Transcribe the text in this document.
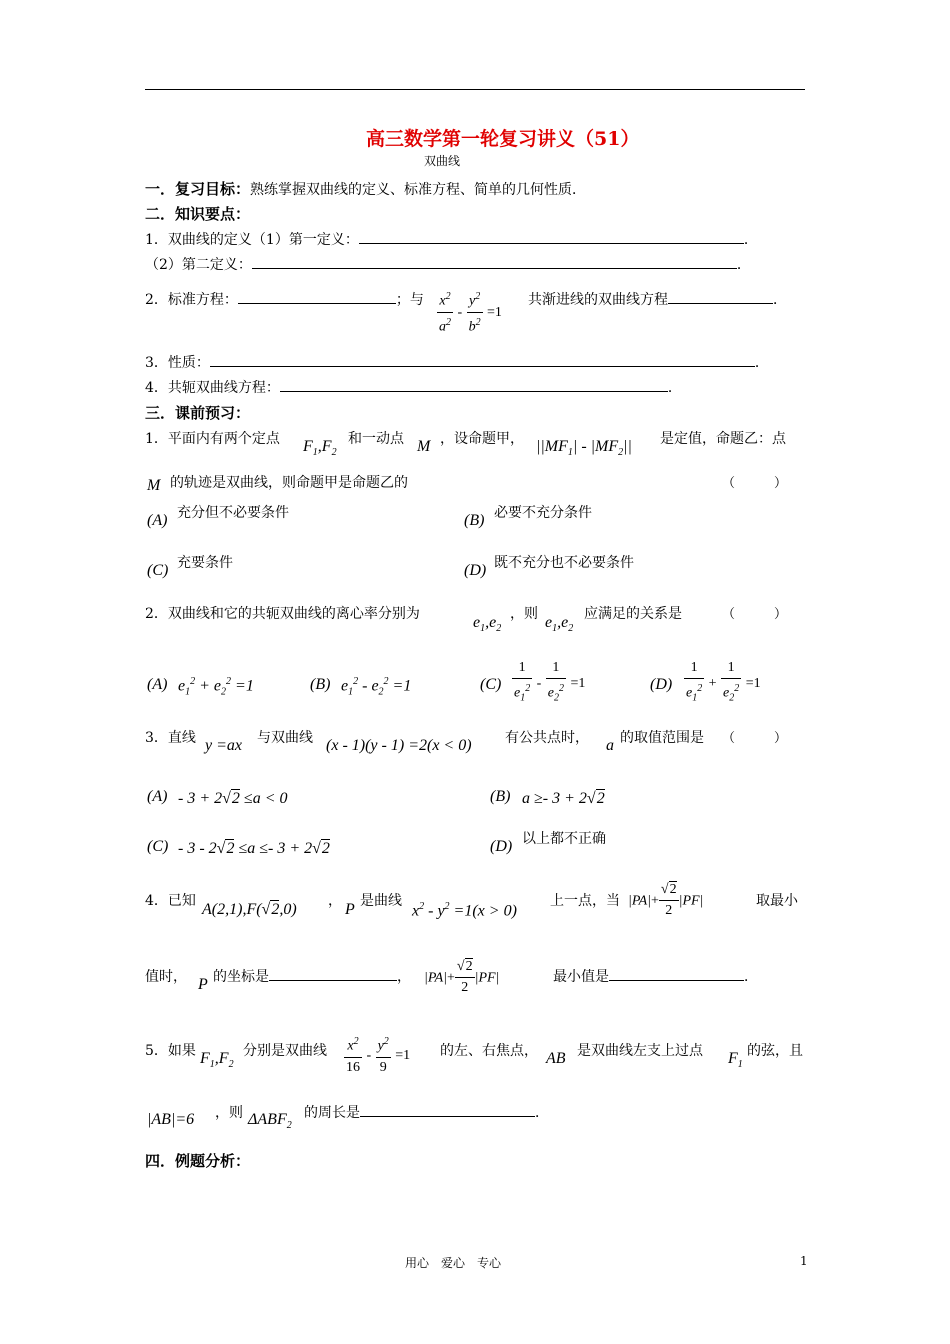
高三数学第一轮复习讲义（51）
双曲线
一．复习目标：熟练掌握双曲线的定义、标准方程、简单的几何性质．
二．知识要点：
1．双曲线的定义（1）第一定义：	．
（2）第二定义：	．
2．标准方程：	；与 $\frac{x^2}{a^2} - \frac{y^2}{b^2} =1$
共渐进线的双曲线方程	．
3．性质：	．
4．共轭双曲线方程：	．
三．课前预习：
1．平面内有两个定点 $F_1,F_2$
和一动点 M ，设命题甲， $||MF_1| - |MF_2||$ 是定值，命题乙：点
M 的轨迹是双曲线，则命题甲是命题乙的	（　　　）
(A) 充分但不必要条件	(B) 必要不充分条件
(C) 充要条件	(D) 既不充分也不必要条件
2．双曲线和它的共轭双曲线的离心率分别为	$e_1,e_2$
，则 $e_1,e_2$
应满足的关系是	（　　　）
(A) $e_1^2 + e_2^2 =1$	(B) $e_1^2 - e_2^2 =1$	$(C) \frac{1}{e_1^2} - \frac{1}{e_2^2} =1$	$(D) \frac{1}{e_1^2} + \frac{1}{e_2^2} =1$
3．直线 y =ax 与双曲线 (x - 1)(y - 1) =2(x < 0) 有公共点时， a 的取值范围是 （　　　）
(A) - 3 + 2√2 ≤a < 0	(B) a ≥- 3 + 2√2
(C) - 3 - 2√2 ≤a ≤- 3 + 2√2	(D) 以上都不正确
4．已知 A(2,1),F(√2,0) ， P 是曲线
$x^2 - y^2 =1(x > 0)$
上一点，当 $|PA|+ \frac{√2}{2} |PF|$	取最小
值时， P 的坐标是	， $|PA|+ \frac{√2}{2} |PF|$	最小值是	．
5．如果 $F_1,F_2$
分别是双曲线 $\frac{x^2}{16} - \frac{y^2}{9} =1$ 的左、右焦点， AB 是双曲线左支上过点 $F_1$
的弦，且
|AB|=6 ，则 $\Delta ABF_2$
的周长是	．
四．例题分析：
用心　爱心　专心	1
